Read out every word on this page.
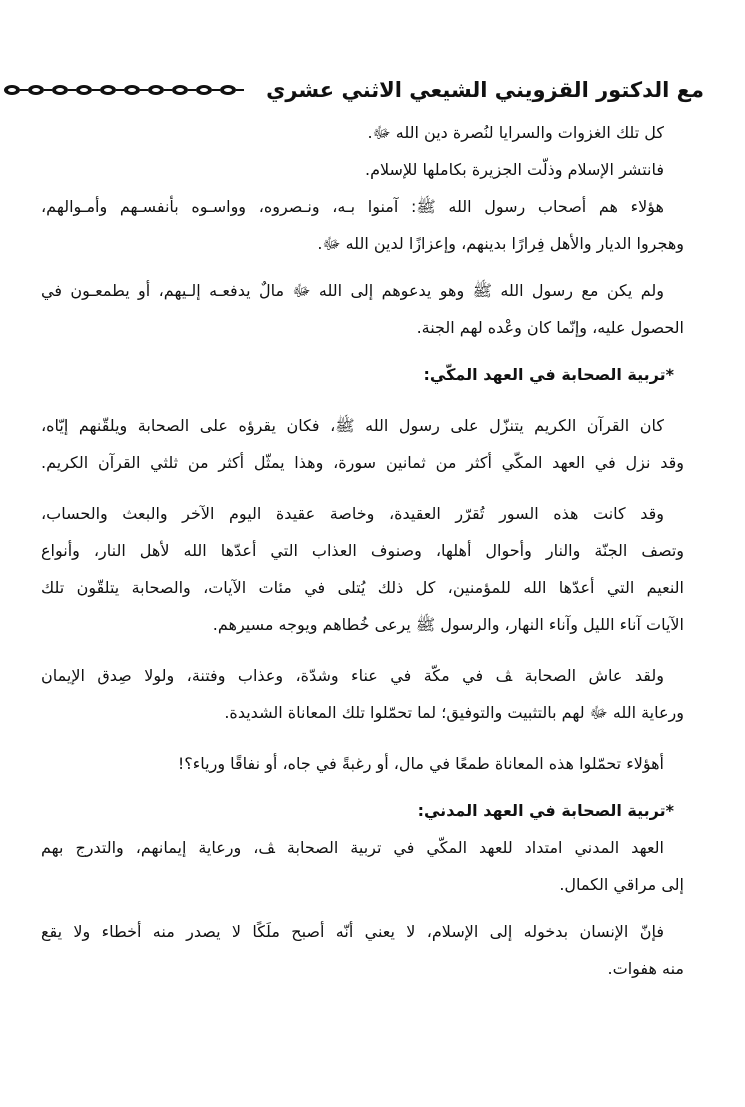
مع الدكتور القزويني الشيعي الاثني عشري
كل تلك الغزوات والسرايا لنُصرة دين الله ﷻ.
فانتشر الإسلام وذلّت الجزيرة بكاملها للإسلام.
هؤلاء هم أصحاب رسول الله ﷺ: آمنوا بـه، ونـصروه، وواسـوه بأنفسـهم وأمـوالهم،
وهجروا الديار والأهل فِرارًا بدينهم، وإعزازًا لدين الله ﷻ.
ولم يكن مع رسول الله ﷺ وهو يدعوهم إلى الله ﷻ مالٌ يدفعـه إلـيهم، أو يطمعـون في
الحصول عليه، وإنّما كان وعْده لهم الجنة.
*تربية الصحابة في العهد المكّي:
كان القرآن الكريم يتنزّل على رسول الله ﷺ، فكان يقرؤه على الصحابة ويلقّنهم إيّاه،
وقد نزل في العهد المكّي أكثر من ثمانين سورة، وهذا يمثّل أكثر من ثلثي القرآن الكريم.
وقد كانت هذه السور تُقرّر العقيدة، وخاصة عقيدة اليوم الآخر والبعث والحساب،
وتصف الجنّة والنار وأحوال أهلها، وصنوف العذاب التي أعدّها الله لأهل النار، وأنواع
النعيم التي أعدّها الله للمؤمنين، كل ذلك يُتلى في مئات الآيات، والصحابة يتلقّون تلك
الآيات آناء الليل وآناء النهار، والرسول ﷺ يرعى خُطاهم ويوجه مسيرهم.
ولقد عاش الصحابة ﭫ في مكّة في عناء وشدّة، وعذاب وفتنة، ولولا صِدق الإيمان
ورعاية الله ﷻ لهم بالتثبيت والتوفيق؛ لما تحمّلوا تلك المعاناة الشديدة.
أهؤلاء تحمّلوا هذه المعاناة طمعًا في مال، أو رغبةً في جاه، أو نفاقًا ورياء؟!
*تربية الصحابة في العهد المدني:
العهد المدني امتداد للعهد المكّي في تربية الصحابة ﭫ، ورعاية إيمانهم، والتدرج بهم
إلى مراقي الكمال.
فإنّ الإنسان بدخوله إلى الإسلام، لا يعني أنّه أصبح ملَكًا لا يصدر منه أخطاء ولا يقع
منه هفوات.
